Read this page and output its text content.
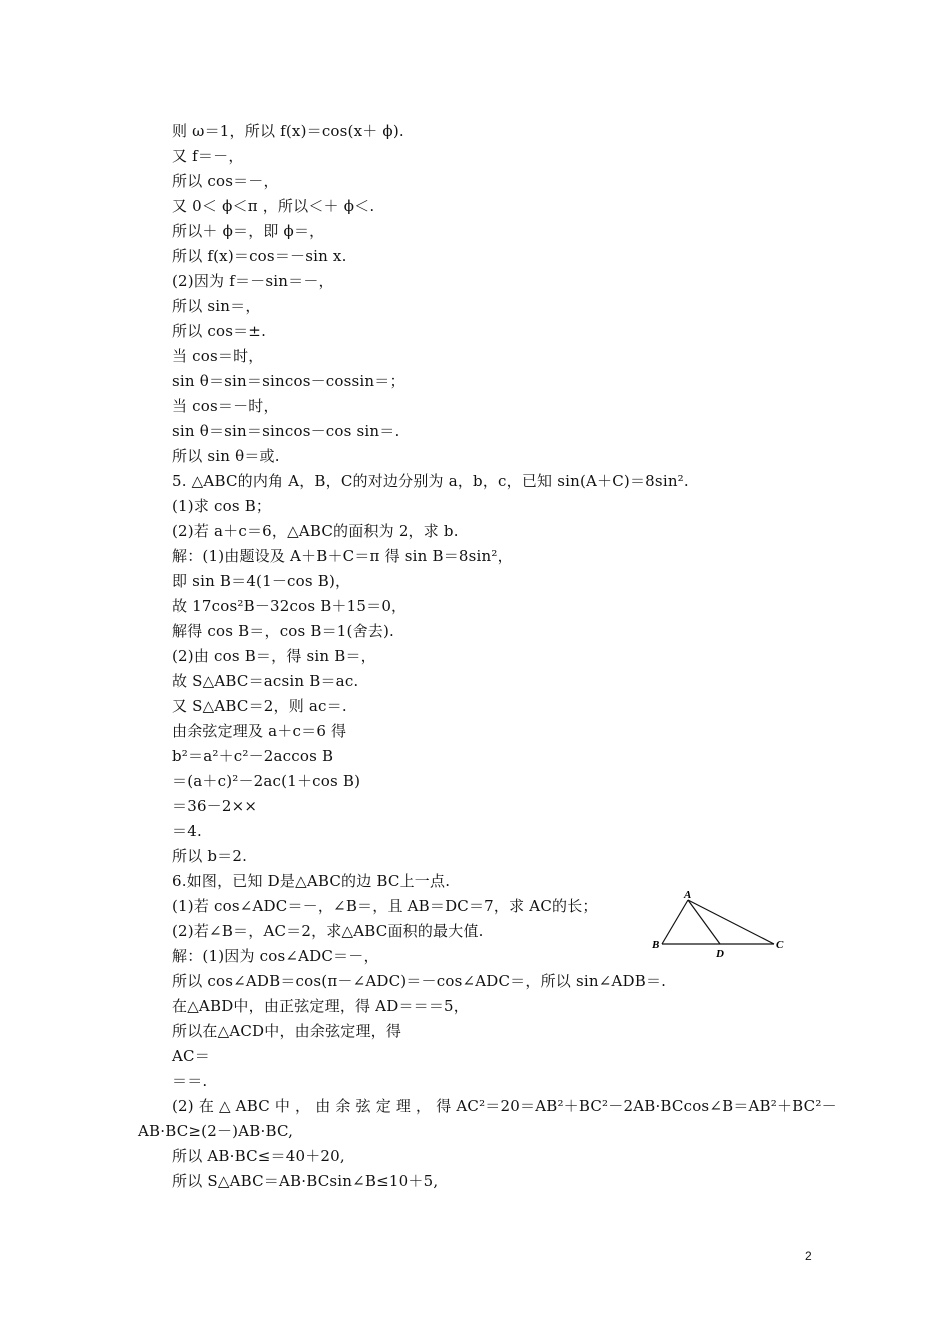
则 ω＝1，所以 f(x)＝cos(x＋ ϕ).
又 f＝－，
所以 cos＝－，
又 0＜ ϕ＜π ，所以＜＋ ϕ＜.
所以＋ ϕ＝，即 ϕ＝，
所以 f(x)＝cos＝－sin x.
(2)因为 f＝－sin＝－，
所以 sin＝，
所以 cos＝±.
当 cos＝时，
sin θ＝sin＝sincos－cossin＝；
当 cos＝－时，
sin θ＝sin＝sincos－cos sin＝.
所以 sin θ＝或.
5. △ABC的内角 A，B，C的对边分别为 a，b，c，已知 sin(A＋C)＝8sin².
(1)求 cos B；
(2)若 a＋c＝6，△ABC的面积为 2，求 b.
解：(1)由题设及 A＋B＋C＝π 得 sin B＝8sin²，
即 sin B＝4(1－cos B)，
故 17cos²B－32cos B＋15＝0，
解得 cos B＝，cos B＝1(舍去).
(2)由 cos B＝，得 sin B＝，
故 S△ABC＝acsin B＝ac.
又 S△ABC＝2，则 ac＝.
由余弦定理及 a＋c＝6 得
b²＝a²＋c²－2accos B
＝(a＋c)²－2ac(1＋cos B)
＝36－2××
＝4.
所以 b＝2.
6.如图，已知 D是△ABC的边 BC上一点.
(1)若 cos∠ADC＝－，∠B＝，且 AB＝DC＝7，求 AC的长；
(2)若∠B＝，AC＝2，求△ABC面积的最大值.
解：(1)因为 cos∠ADC＝－，
所以 cos∠ADB＝cos(π－∠ADC)＝－cos∠ADC＝，所以 sin∠ADB＝.
在△ABD中，由正弦定理，得 AD＝＝＝5，
所以在△ACD中，由余弦定理，得
AC＝
＝＝.
(2) 在 △ ABC 中 ， 由 余 弦 定 理 ， 得 AC²＝20＝AB²＋BC²－2AB·BCcos∠B＝AB²＋BC²－
AB·BC≥(2－)AB·BC,
所以 AB·BC≤＝40＋20,
所以 S△ABC＝AB·BCsin∠B≤10＋5,
A
B	C
D
2
